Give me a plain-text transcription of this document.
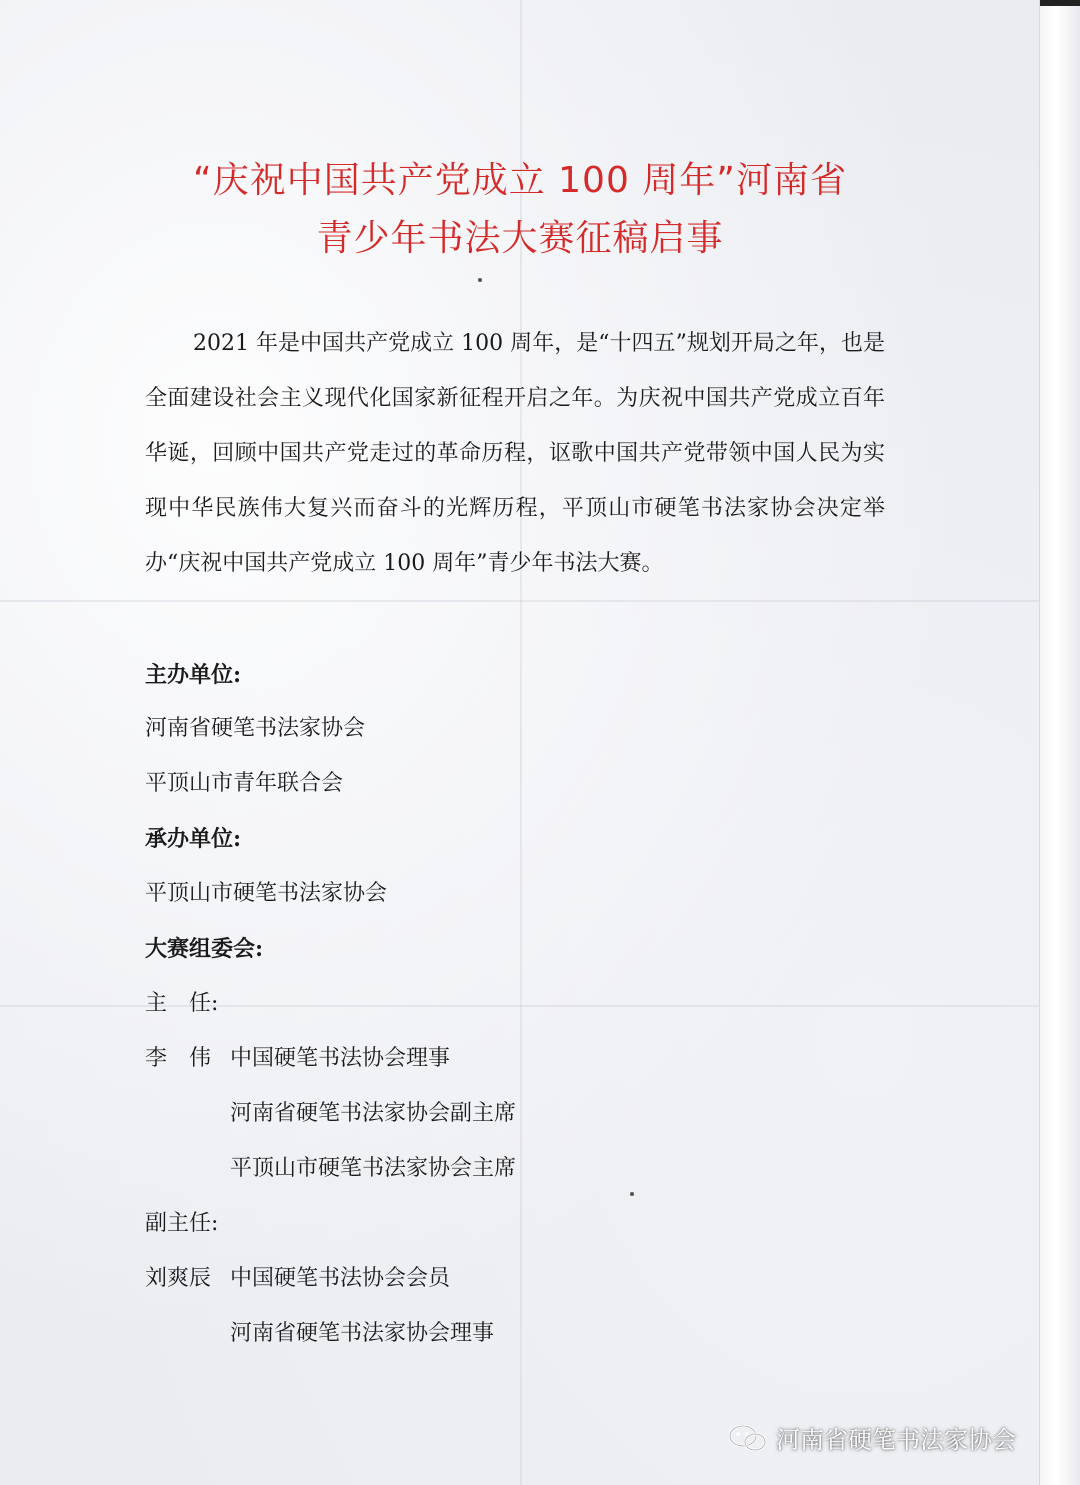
“庆祝中国共产党成立 100 周年”河南省
青少年书法大赛征稿启事
2021 年是中国共产党成立 100 周年，是“十四五”规划开局之年，也是全面建设社会主义现代化国家新征程开启之年。为庆祝中国共产党成立百年华诞，回顾中国共产党走过的革命历程，讴歌中国共产党带领中国人民为实现中华民族伟大复兴而奋斗的光辉历程，平顶山市硬笔书法家协会决定举办“庆祝中国共产党成立 100 周年”青少年书法大赛。
主办单位:
河南省硬笔书法家协会
平顶山市青年联合会
承办单位:
平顶山市硬笔书法家协会
大赛组委会:
主　任:
李　伟 中国硬笔书法协会理事
河南省硬笔书法家协会副主席
平顶山市硬笔书法家协会主席
副主任:
刘爽辰 中国硬笔书法协会会员
河南省硬笔书法家协会理事
河南省硬笔书法家协会
